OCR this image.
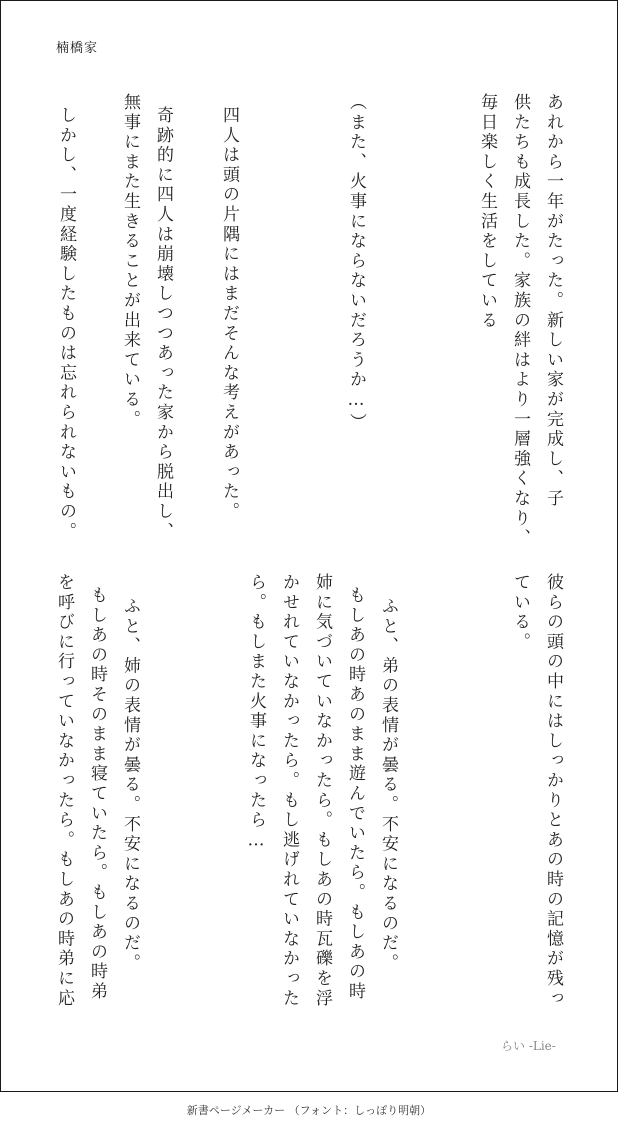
楠橋家
あれから一年がたった。新しい家が完成し、子
供たちも成長した。家族の絆はより一層強くなり、
毎日楽しく生活をしている
（また、火事にならないだろうか…）
四人は頭の片隅にはまだそんな考えがあった。
奇跡的に四人は崩壊しつつあった家から脱出し、
無事にまた生きることが出来ている。
しかし、一度経験したものは忘れられないもの。
彼らの頭の中にはしっかりとあの時の記憶が残っ
ている。
ふと、弟の表情が曇る。不安になるのだ。
もしあの時あのまま遊んでいたら。もしあの時
姉に気づいていなかったら。もしあの時瓦礫を浮
かせれていなかったら。もし逃げれていなかった
ら。もしまた火事になったら…
ふと、姉の表情が曇る。不安になるのだ。
もしあの時そのまま寝ていたら。もしあの時弟
を呼びに行っていなかったら。もしあの時弟に応
らい -Lie-
新書ページメーカー （フォント：しっぽり明朝）
